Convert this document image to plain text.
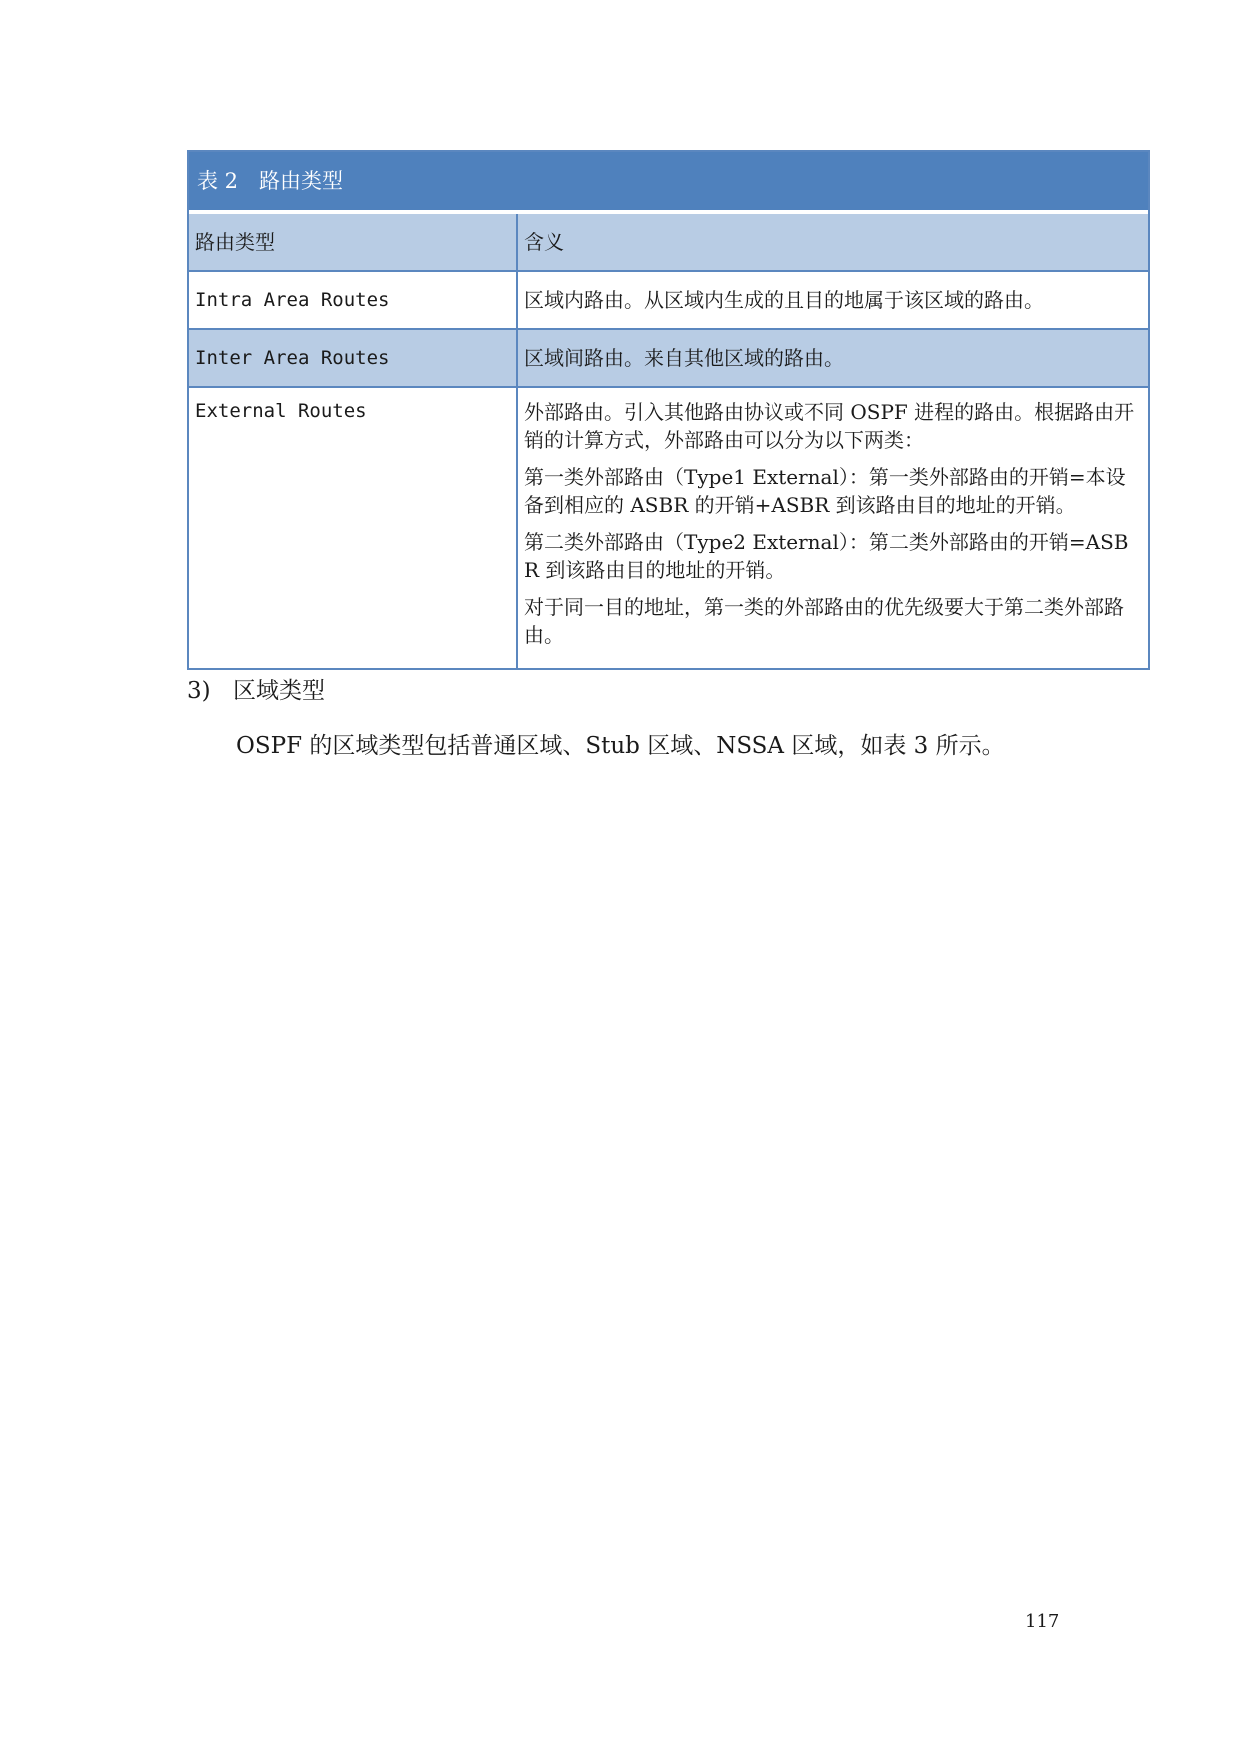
表 2　路由类型
路由类型	含义
Intra Area Routes	区域内路由。从区域内生成的且目的地属于该区域的路由。
Inter Area Routes	区域间路由。来自其他区域的路由。
External Routes	外部路由。引入其他路由协议或不同 OSPF 进程的路由。根据路由开销的计算方式，外部路由可以分为以下两类：

第一类外部路由（Type1 External）：第一类外部路由的开销=本设备到相应的 ASBR 的开销+ASBR 到该路由目的地址的开销。

第二类外部路由（Type2 External）：第二类外部路由的开销=ASBR 到该路由目的地址的开销。

对于同一目的地址，第一类的外部路由的优先级要大于第二类外部路由。

3) 区域类型
OSPF 的区域类型包括普通区域、Stub 区域、NSSA 区域，如表 3 所示。
117
